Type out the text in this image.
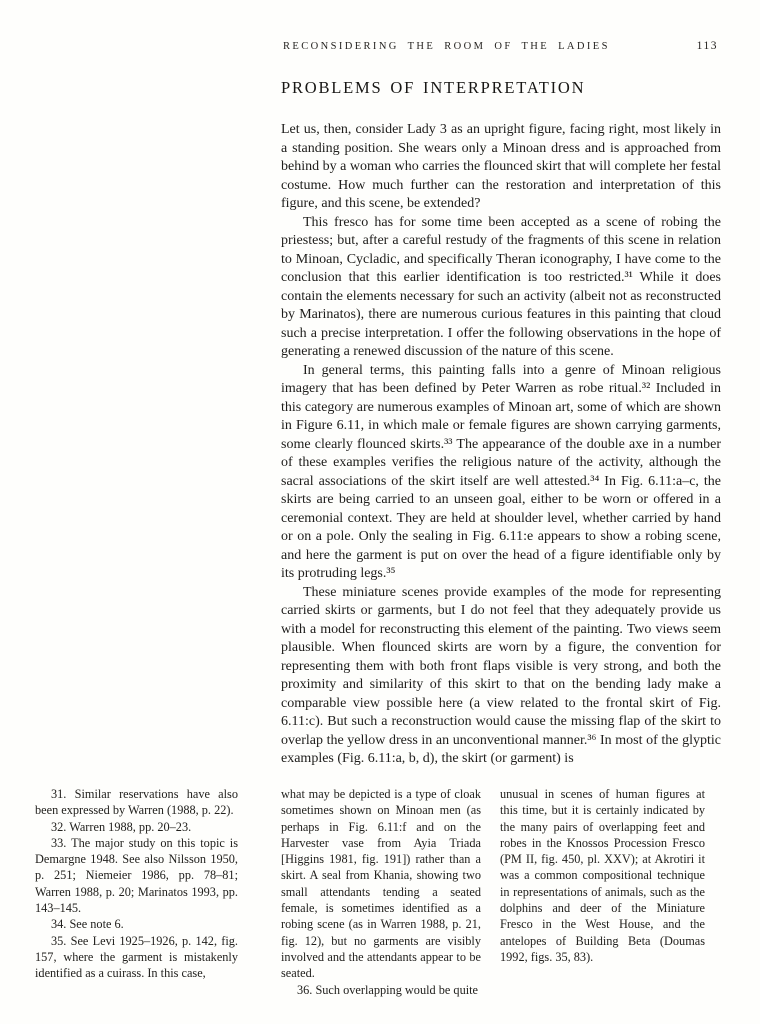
RECONSIDERING THE ROOM OF THE LADIES	113
PROBLEMS OF INTERPRETATION

Let us, then, consider Lady 3 as an upright figure, facing right, most likely in a standing position. She wears only a Minoan dress and is approached from behind by a woman who carries the flounced skirt that will complete her festal costume. How much further can the restoration and interpretation of this figure, and this scene, be extended?

This fresco has for some time been accepted as a scene of robing the priestess; but, after a careful restudy of the fragments of this scene in relation to Minoan, Cycladic, and specifically Theran iconography, I have come to the conclusion that this earlier identification is too restricted.³¹ While it does contain the elements necessary for such an activity (albeit not as reconstructed by Marinatos), there are numerous curious features in this painting that cloud such a precise interpretation. I offer the following observations in the hope of generating a renewed discussion of the nature of this scene.

In general terms, this painting falls into a genre of Minoan religious imagery that has been defined by Peter Warren as robe ritual.³² Included in this category are numerous examples of Minoan art, some of which are shown in Figure 6.11, in which male or female figures are shown carrying garments, some clearly flounced skirts.³³ The appearance of the double axe in a number of these examples verifies the religious nature of the activity, although the sacral associations of the skirt itself are well attested.³⁴ In Fig. 6.11:a–c, the skirts are being carried to an unseen goal, either to be worn or offered in a ceremonial context. They are held at shoulder level, whether carried by hand or on a pole. Only the sealing in Fig. 6.11:e appears to show a robing scene, and here the garment is put on over the head of a figure identifiable only by its protruding legs.³⁵

These miniature scenes provide examples of the mode for representing carried skirts or garments, but I do not feel that they adequately provide us with a model for reconstructing this element of the painting. Two views seem plausible. When flounced skirts are worn by a figure, the convention for representing them with both front flaps visible is very strong, and both the proximity and similarity of this skirt to that on the bending lady make a comparable view possible here (a view related to the frontal skirt of Fig. 6.11:c). But such a reconstruction would cause the missing flap of the skirt to overlap the yellow dress in an unconventional manner.³⁶ In most of the glyptic examples (Fig. 6.11:a, b, d), the skirt (or garment) is

31. Similar reservations have also been expressed by Warren (1988, p. 22).

32. Warren 1988, pp. 20–23.

33. The major study on this topic is Demargne 1948. See also Nilsson 1950, p. 251; Niemeier 1986, pp. 78–81; Warren 1988, p. 20; Marinatos 1993, pp. 143–145.

34. See note 6.

35. See Levi 1925–1926, p. 142, fig. 157, where the garment is mistakenly identified as a cuirass. In this case,

what may be depicted is a type of cloak sometimes shown on Minoan men (as perhaps in Fig. 6.11:f and on the Harvester vase from Ayia Triada [Higgins 1981, fig. 191]) rather than a skirt. A seal from Khania, showing two small attendants tending a seated female, is sometimes identified as a robing scene (as in Warren 1988, p. 21, fig. 12), but no garments are visibly involved and the attendants appear to be seated.

36. Such overlapping would be quite

unusual in scenes of human figures at this time, but it is certainly indicated by the many pairs of overlapping feet and robes in the Knossos Procession Fresco (PM II, fig. 450, pl. XXV); at Akrotiri it was a common compositional technique in representations of animals, such as the dolphins and deer of the Miniature Fresco in the West House, and the antelopes of Building Beta (Doumas 1992, figs. 35, 83).
